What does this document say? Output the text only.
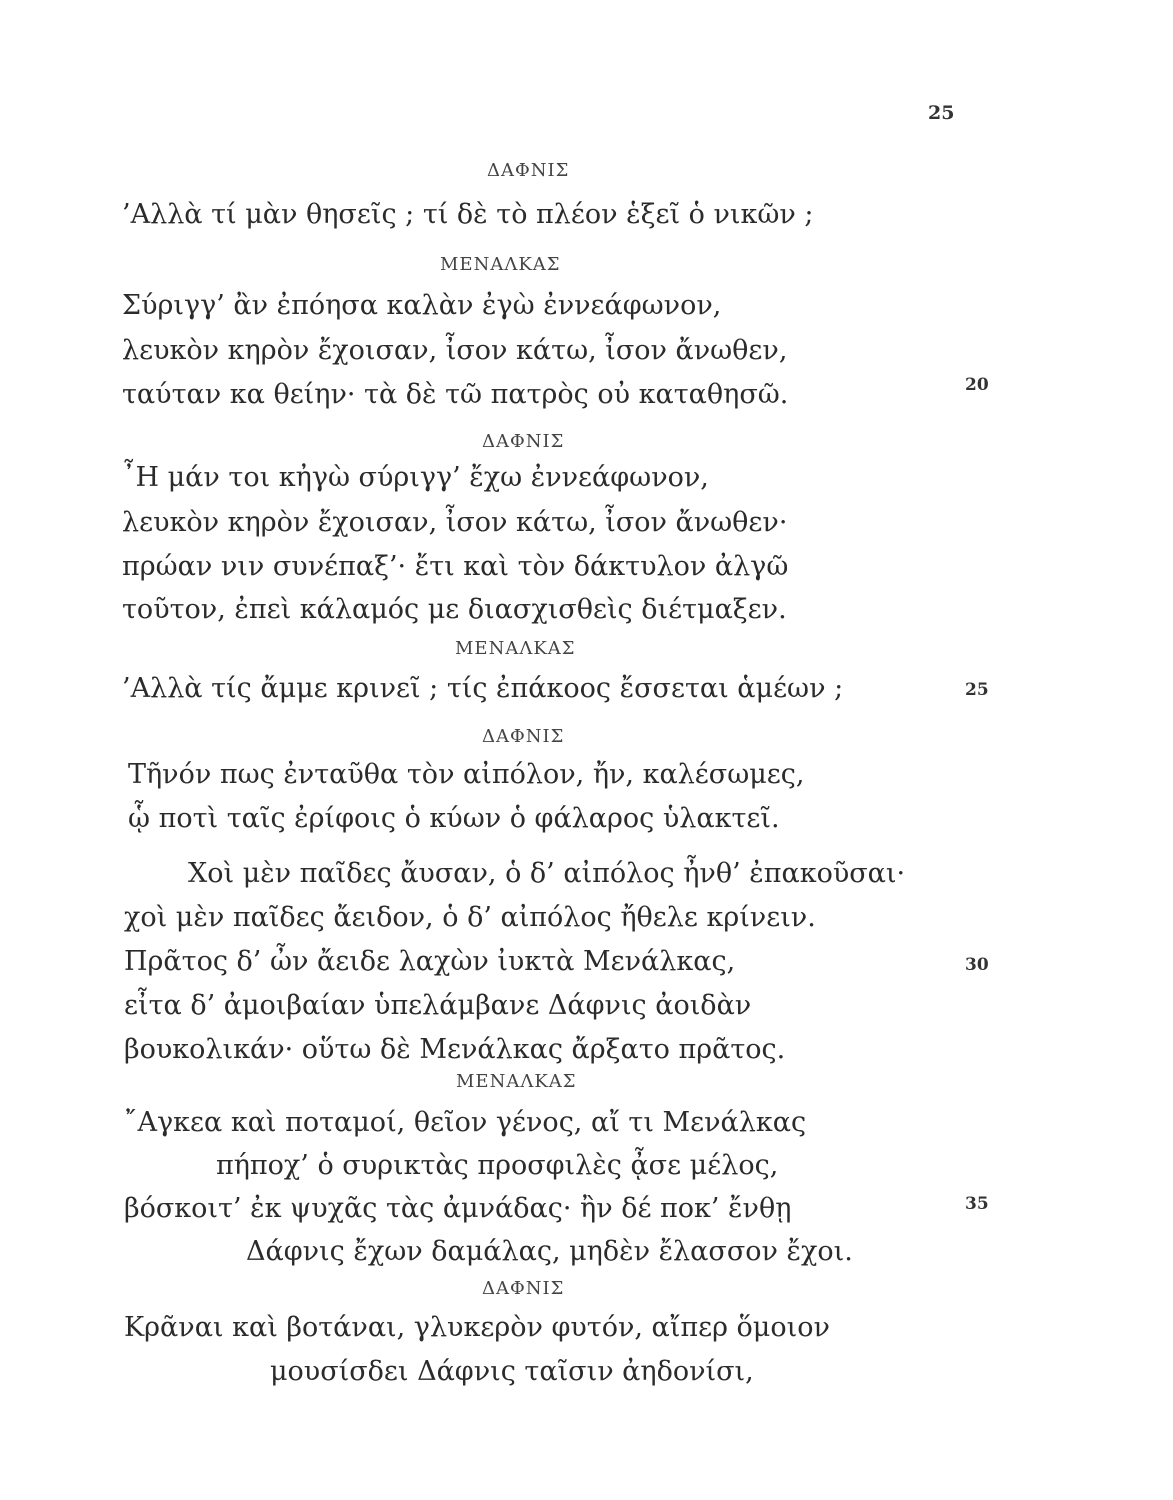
25
ΔΑΦΝΙΣ
’Αλλὰ τί μὰν θησεῖς ; τί δὲ τὸ πλέον ἑξεῖ ὁ νικῶν ;
ΜΕΝΑΛΚΑΣ
Σύριγγ’ ἂν ἐπόησα καλὰν ἐγὼ ἐννεάφωνον,
λευκὸν κηρὸν ἔχοισαν, ἶσον κάτω, ἶσον ἄνωθεν,
ταύταν κα θείην· τὰ δὲ τῶ πατρὸς οὐ καταθησῶ.	20
ΔΑΦΝΙΣ
῏Η μάν τοι κἠγὼ σύριγγ’ ἔχω ἐννεάφωνον,
λευκὸν κηρὸν ἔχοισαν, ἶσον κάτω, ἶσον ἄνωθεν·
πρώαν νιν συνέπαξ’· ἔτι καὶ τὸν δάκτυλον ἀλγῶ
τοῦτον, ἐπεὶ κάλαμός με διασχισθεὶς διέτμαξεν.
ΜΕΝΑΛΚΑΣ
’Αλλὰ τίς ἄμμε κρινεῖ ; τίς ἐπάκοος ἔσσεται ἁμέων ;	25
ΔΑΦΝΙΣ
Τῆνόν πως ἐνταῦθα τὸν αἰπόλον, ἤν, καλέσωμες,
ᾧ ποτὶ ταῖς ἐρίφοις ὁ κύων ὁ φάλαρος ὑλακτεῖ.
Χοὶ μὲν παῖδες ἄυσαν, ὁ δ’ αἰπόλος ἦνθ’ ἐπακοῦσαι·
χοὶ μὲν παῖδες ἄειδον, ὁ δ’ αἰπόλος ἤθελε κρίνειν.
Πρᾶτος δ’ ὦν ἄειδε λαχὼν ἰυκτὰ Μενάλκας,	30
εἶτα δ’ ἀμοιβαίαν ὑπελάμβανε Δάφνις ἀοιδὰν
βουκολικάν· οὕτω δὲ Μενάλκας ἄρξατο πρᾶτος.
ΜΕΝΑΛΚΑΣ
῎Αγκεα καὶ ποταμοί, θεῖον γένος, αἴ τι Μενάλκας
πήποχ’ ὁ συρικτὰς προσφιλὲς ᾆσε μέλος,
βόσκοιτ’ ἐκ ψυχᾶς τὰς ἀμνάδας· ἢν δέ ποκ’ ἔνθῃ	35
Δάφνις ἔχων δαμάλας, μηδὲν ἔλασσον ἔχοι.
ΔΑΦΝΙΣ
Κρᾶναι καὶ βοτάναι, γλυκερὸν φυτόν, αἴπερ ὅμοιον
μουσίσδει Δάφνις ταῖσιν ἀηδονίσι,
